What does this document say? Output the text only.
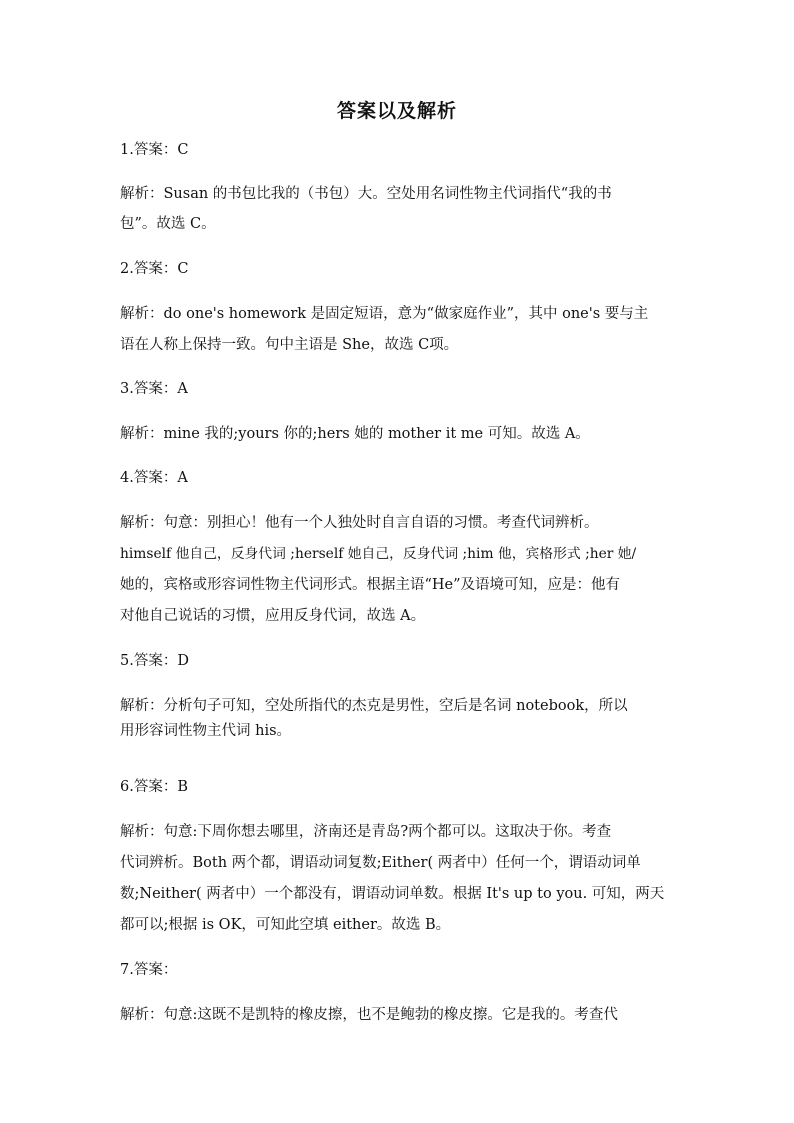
答案以及解析
1.答案：C
解析：Susan 的书包比我的（书包）大。空处用名词性物主代词指代“我的书
包”。故选 C。
2.答案：C
解析：do one's homework 是固定短语，意为“做家庭作业”，其中 one's 要与主
语在人称上保持一致。句中主语是 She，故选 C项。
3.答案：A
解析：mine 我的;yours 你的;hers 她的 mother it me 可知。故选 A。
4.答案：A
解析：句意：别担心！他有一个人独处时自言自语的习惯。考查代词辨析。
himself 他自己，反身代词 ;herself 她自己，反身代词 ;him 他，宾格形式 ;her 她/
她的，宾格或形容词性物主代词形式。根据主语“He”及语境可知，应是：他有
对他自己说话的习惯，应用反身代词，故选 A。
5.答案：D
解析：分析句子可知，空处所指代的杰克是男性，空后是名词 notebook，所以
用形容词性物主代词 his。
6.答案：B
解析：句意:下周你想去哪里，济南还是青岛?两个都可以。这取决于你。考查
代词辨析。Both 两个都，谓语动词复数;Either( 两者中）任何一个，谓语动词单
数;Neither( 两者中）一个都没有，谓语动词单数。根据 It's up to you. 可知，两天
都可以;根据 is OK，可知此空填 either。故选 B。
7.答案：
解析：句意:这既不是凯特的橡皮擦，也不是鲍勃的橡皮擦。它是我的。考查代
